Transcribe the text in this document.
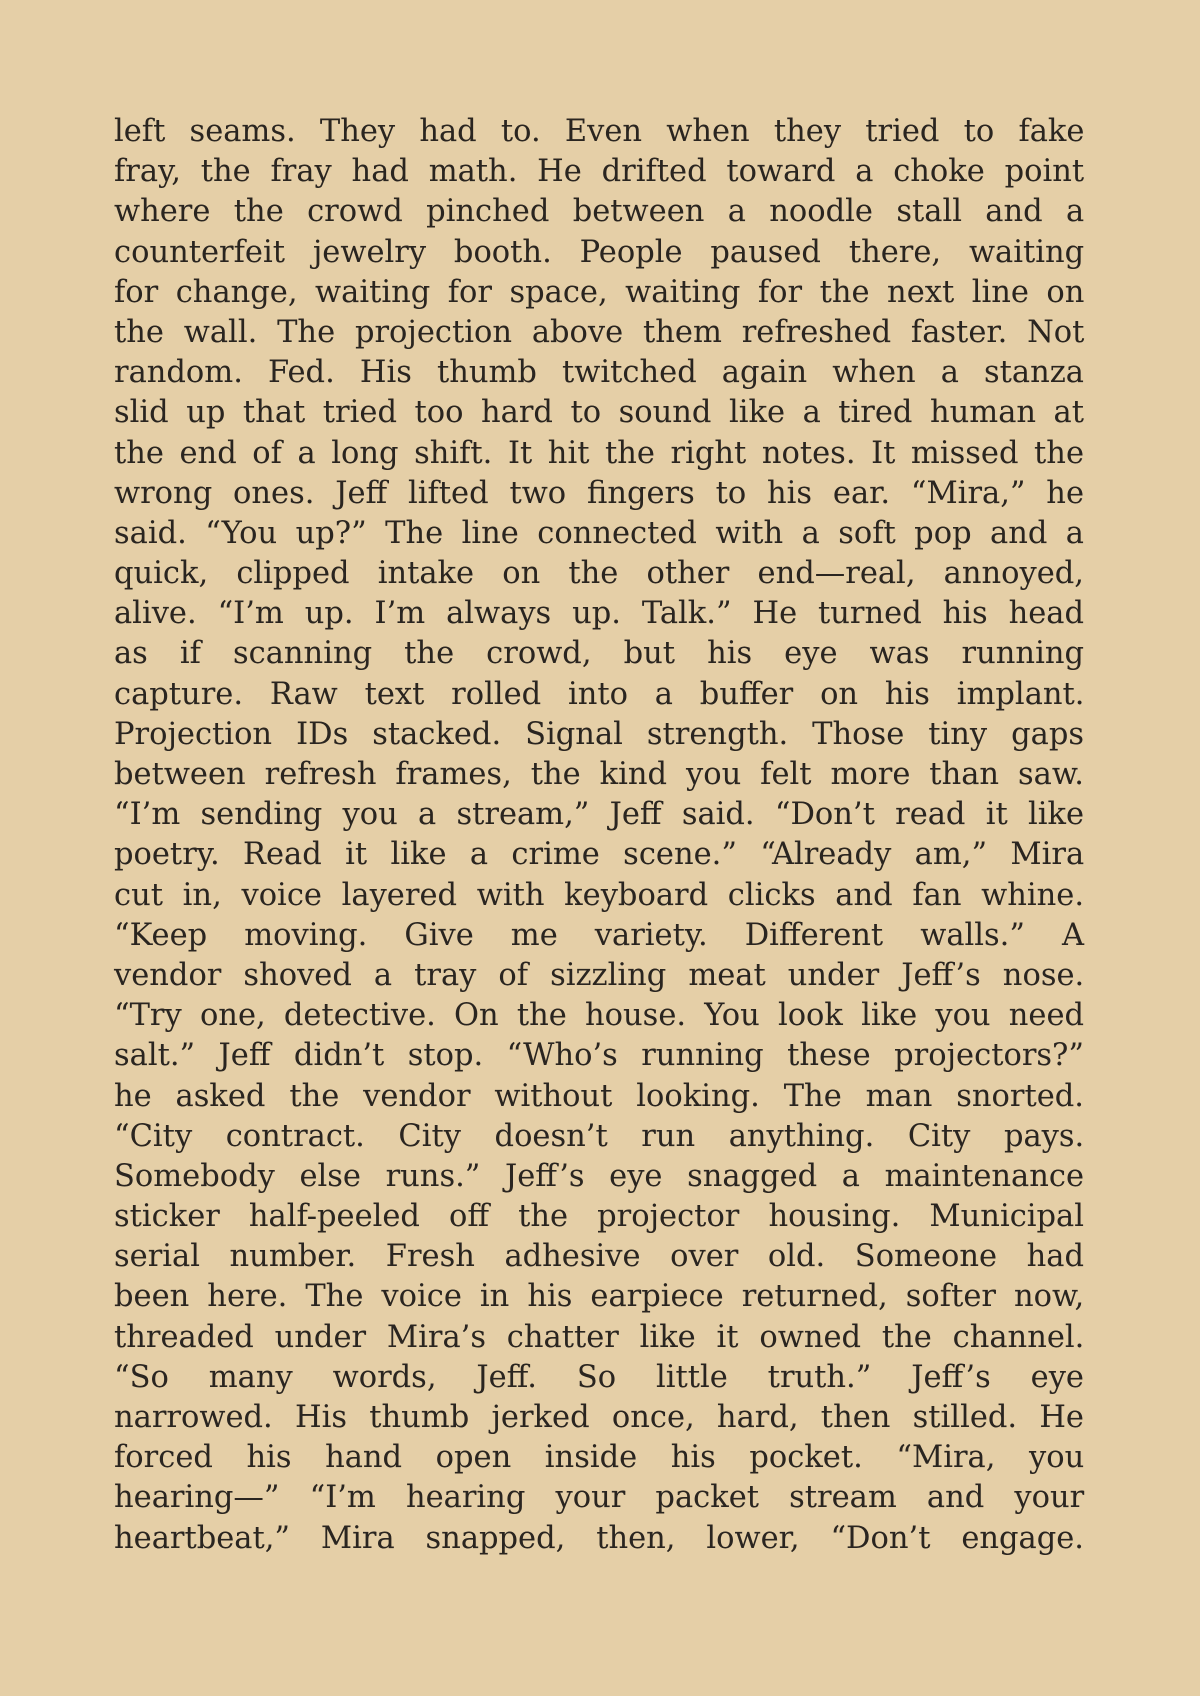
left seams. They had to. Even when they tried to fake
fray, the fray had math. He drifted toward a choke point
where the crowd pinched between a noodle stall and a
counterfeit jewelry booth. People paused there, waiting
for change, waiting for space, waiting for the next line on
the wall. The projection above them refreshed faster. Not
random. Fed. His thumb twitched again when a stanza
slid up that tried too hard to sound like a tired human at
the end of a long shift. It hit the right notes. It missed the
wrong ones. Jeff lifted two fingers to his ear. “Mira,” he
said. “You up?” The line connected with a soft pop and a
quick, clipped intake on the other end—real, annoyed,
alive. “I’m up. I’m always up. Talk.” He turned his head
as if scanning the crowd, but his eye was running
capture. Raw text rolled into a buffer on his implant.
Projection IDs stacked. Signal strength. Those tiny gaps
between refresh frames, the kind you felt more than saw.
“I’m sending you a stream,” Jeff said. “Don’t read it like
poetry. Read it like a crime scene.” “Already am,” Mira
cut in, voice layered with keyboard clicks and fan whine.
“Keep moving. Give me variety. Different walls.” A
vendor shoved a tray of sizzling meat under Jeff’s nose.
“Try one, detective. On the house. You look like you need
salt.” Jeff didn’t stop. “Who’s running these projectors?”
he asked the vendor without looking. The man snorted.
“City contract. City doesn’t run anything. City pays.
Somebody else runs.” Jeff’s eye snagged a maintenance
sticker half-peeled off the projector housing. Municipal
serial number. Fresh adhesive over old. Someone had
been here. The voice in his earpiece returned, softer now,
threaded under Mira’s chatter like it owned the channel.
“So many words, Jeff. So little truth.” Jeff’s eye
narrowed. His thumb jerked once, hard, then stilled. He
forced his hand open inside his pocket. “Mira, you
hearing—” “I’m hearing your packet stream and your
heartbeat,” Mira snapped, then, lower, “Don’t engage.
